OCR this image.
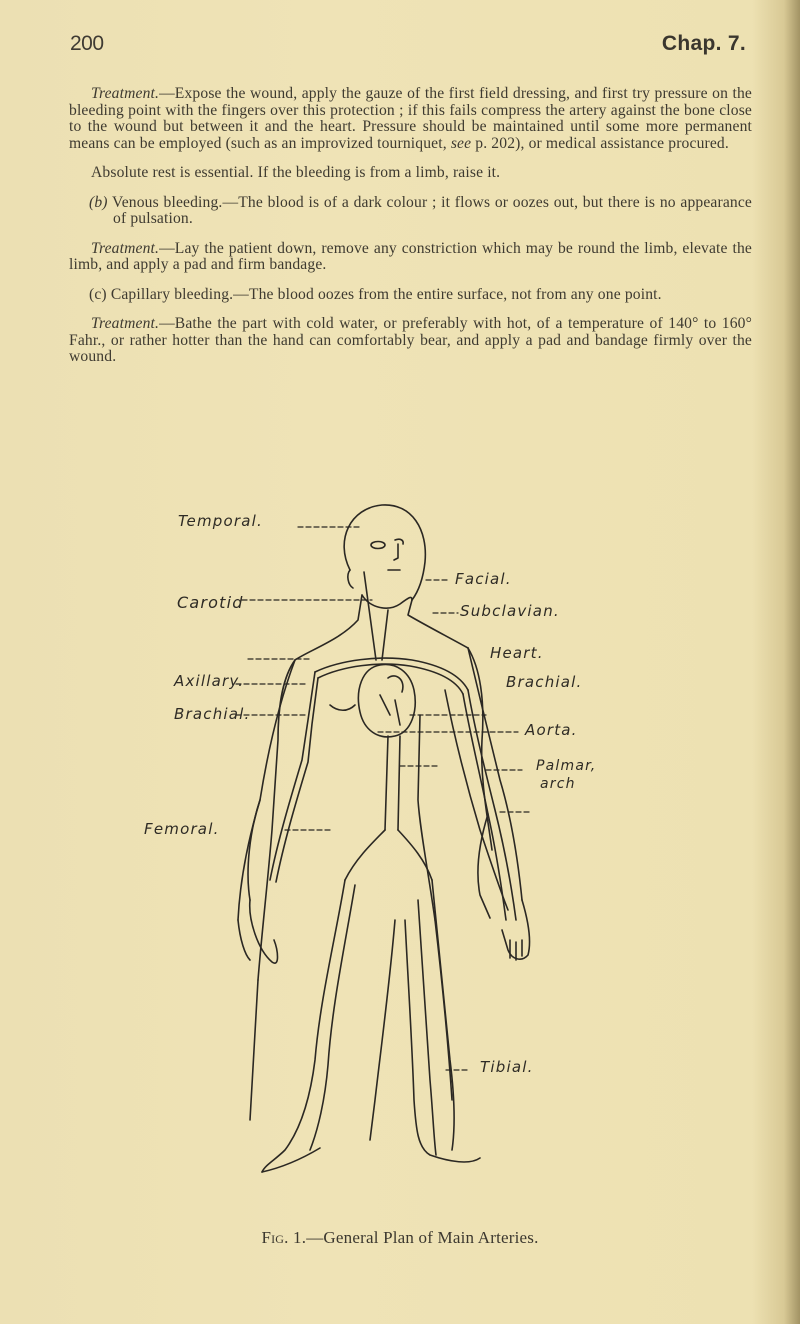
200	Chap. 7.

Treatment.—Expose the wound, apply the gauze of the first field dressing, and first try pressure on the bleeding point with the fingers over this protection ; if this fails compress the artery against the bone close to the wound but between it and the heart. Pressure should be maintained until some more permanent means can be employed (such as an improvized tourniquet, see p. 202), or medical assistance procured.

Absolute rest is essential. If the bleeding is from a limb, raise it.

(b) Venous bleeding.—The blood is of a dark colour ; it flows or oozes out, but there is no appearance of pulsation.

Treatment.—Lay the patient down, remove any constriction which may be round the limb, elevate the limb, and apply a pad and firm bandage.

(c) Capillary bleeding.—The blood oozes from the entire surface, not from any one point.

Treatment.—Bathe the part with cold water, or preferably with hot, of a temperature of 140° to 160° Fahr., or rather hotter than the hand can comfortably bear, and apply a pad and bandage firmly over the wound.

Temporal.
Carotid
Axillary.
Brachial.
Femoral.
Facial.
Subclavian.
Heart.
Brachial.
Aorta.
Palmar,
arch
Tibial.
Fig. 1.—General Plan of Main Arteries.
